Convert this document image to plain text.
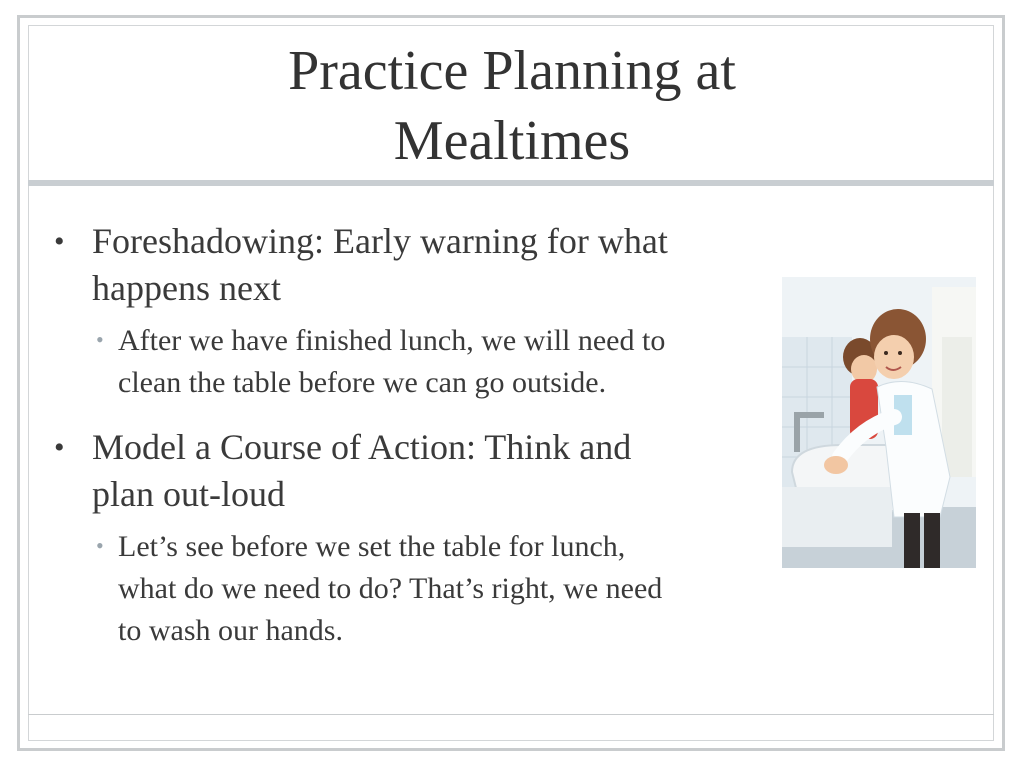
Practice Planning at
Mealtimes
• Foreshadowing: Early warning for what
happens next
• After we have finished lunch, we will need to
clean the table before we can go outside.
• Model a Course of Action: Think and
plan out-loud
• Let’s see before we set the table for lunch,
what do we need to do? That’s right, we need
to wash our hands.
